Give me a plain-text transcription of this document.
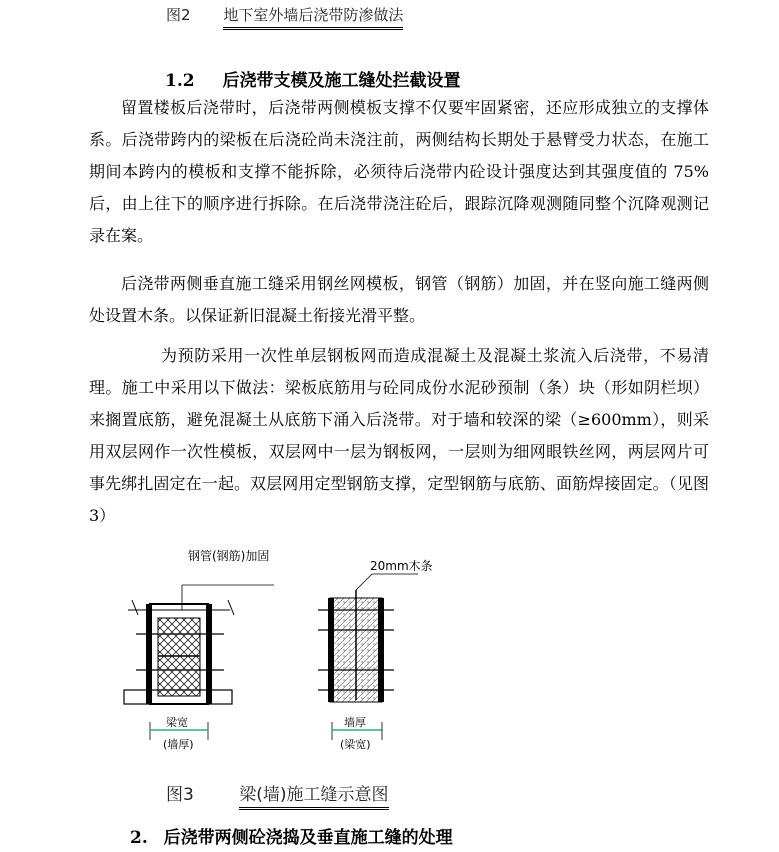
图2 地下室外墙后浇带防渗做法
1.2 后浇带支模及施工缝处拦截设置

留置楼板后浇带时，后浇带两侧模板支撑不仅要牢固紧密，还应形成独立的支撑体系。后浇带跨内的梁板在后浇砼尚未浇注前，两侧结构长期处于悬臂受力状态，在施工期间本跨内的模板和支撑不能拆除，必须待后浇带内砼设计强度达到其强度值的 75%后，由上往下的顺序进行拆除。在后浇带浇注砼后，跟踪沉降观测随同整个沉降观测记录在案。

后浇带两侧垂直施工缝采用钢丝网模板，钢管（钢筋）加固，并在竖向施工缝两侧处设置木条。以保证新旧混凝土衔接光滑平整。

为预防采用一次性单层钢板网而造成混凝土及混凝土浆流入后浇带，不易清理。施工中采用以下做法：梁板底筋用与砼同成份水泥砂预制（条）块（形如阴栏坝）来搁置底筋，避免混凝土从底筋下涌入后浇带。对于墙和较深的梁（≥600mm），则采用双层网作一次性模板，双层网中一层为钢板网，一层则为细网眼铁丝网，两层网片可事先绑扎固定在一起。双层网用定型钢筋支撑，定型钢筋与底筋、面筋焊接固定。（见图 3）

钢管(钢筋)加固
梁宽
(墙厚)
20mm木条
墙厚
(梁宽)
图3	梁(墙)施工缝示意图
2. 后浇带两侧砼浇捣及垂直施工缝的处理
